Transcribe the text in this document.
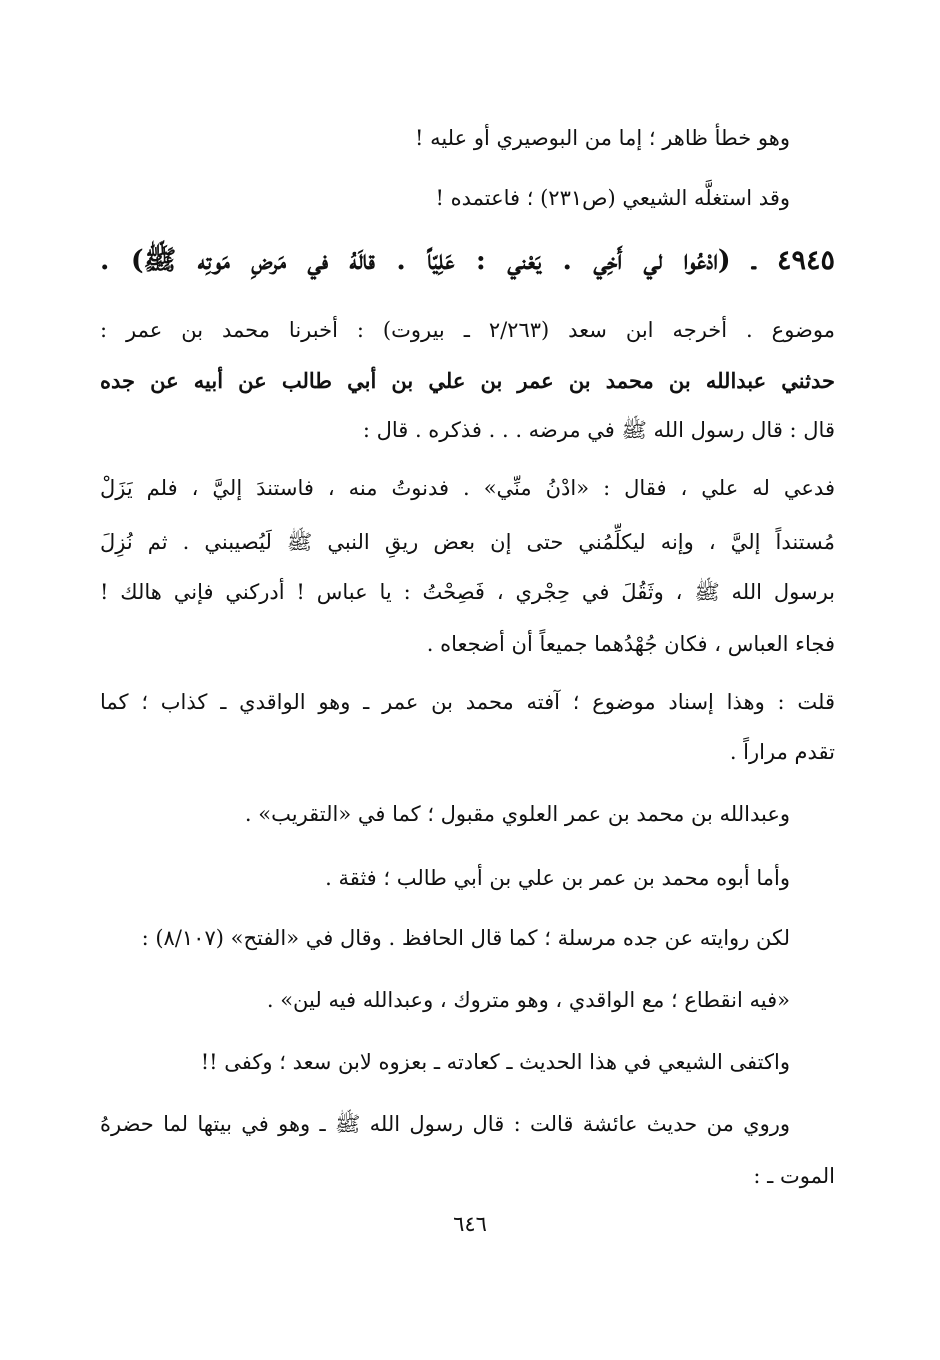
وهو خطأ ظاهر ؛ إما من البوصيري أو عليه !
وقد استغلَّه الشيعي (ص٢٣١) ؛ فاعتمده !
٤٩٤٥ ـ (ادْعُوا لي أَخِي . يَعْني : عَلِيّاً . قالَهُ في مَرضِ مَوتِه ﷺ) .
موضوع . أخرجه ابن سعد (٢/٢٦٣ ـ بيروت) : أخبرنا محمد بن عمر :
حدثني عبدالله بن محمد بن عمر بن علي بن أبي طالب عن أبيه عن جده
قال : قال رسول الله ﷺ في مرضه . . . فذكره . قال :
فدعي له علي ، فقال : «ادْنُ منِّي» . فدنوتُ منه ، فاستندَ إليَّ ، فلم يَزَلْ
مُستنداً إليَّ ، وإنه ليكلِّمُني حتى إن بعض ريقِ النبي ﷺ لَيُصيبني . ثم نُزِلَ
برسول الله ﷺ ، وثَقُلَ في حِجْري ، فَصِحْتُ : يا عباس ! أدركني فإني هالك !
فجاء العباس ، فكان جُهْدُهما جميعاً أن أضجعاه .
قلت : وهذا إسناد موضوع ؛ آفته محمد بن عمر ـ وهو الواقدي ـ كذاب ؛ كما
تقدم مراراً .
وعبدالله بن محمد بن عمر العلوي مقبول ؛ كما في «التقريب» .
وأما أبوه محمد بن عمر بن علي بن أبي طالب ؛ فثقة .
لكن روايته عن جده مرسلة ؛ كما قال الحافظ . وقال في «الفتح» (٨/١٠٧) :
«فيه انقطاع ؛ مع الواقدي ، وهو متروك ، وعبدالله فيه لين» .
واكتفى الشيعي في هذا الحديث ـ كعادته ـ بعزوه لابن سعد ؛ وكفى !!
وروي من حديث عائشة قالت : قال رسول الله ﷺ ـ وهو في بيتها لما حضرهُ
الموت ـ :
٦٤٦
